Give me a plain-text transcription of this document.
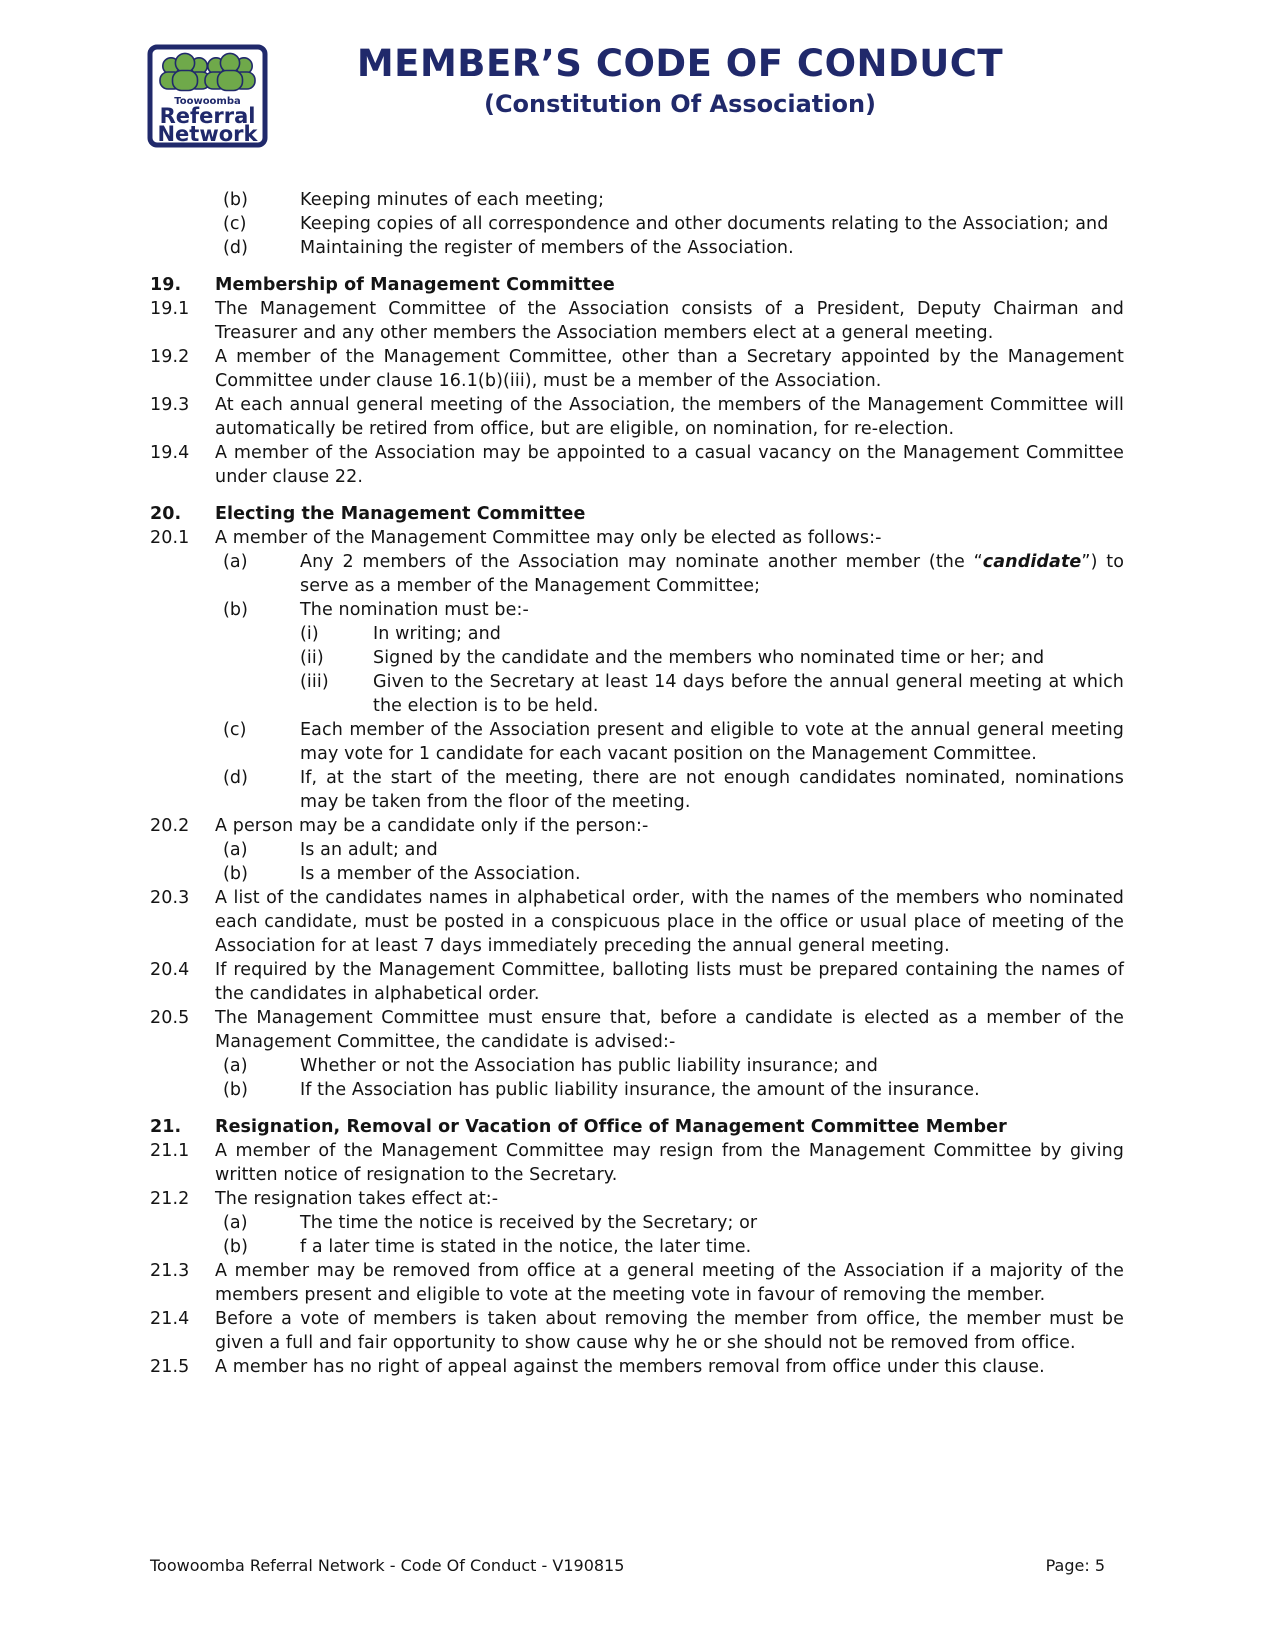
Toowoomba
Referral
Network
MEMBER’S CODE OF CONDUCT
(Constitution Of Association)
(b)	Keeping minutes of each meeting;

(c)	Keeping copies of all correspondence and other documents relating to the Association; and

(d)	Maintaining the register of members of the Association.

19.	Membership of Management Committee

19.1	The Management Committee of the Association consists of a President, Deputy Chairman and Treasurer and any other members the Association members elect at a general meeting.

19.2	A member of the Management Committee, other than a Secretary appointed by the Management Committee under clause 16.1(b)(iii), must be a member of the Association.

19.3	At each annual general meeting of the Association, the members of the Management Committee will automatically be retired from office, but are eligible, on nomination, for re-election.

19.4	A member of the Association may be appointed to a casual vacancy on the Management Committee under clause 22.

20.	Electing the Management Committee

20.1	A member of the Management Committee may only be elected as follows:-

(a)	Any 2 members of the Association may nominate another member (the “candidate”) to serve as a member of the Management Committee;

(b)	The nomination must be:-

(i)	In writing; and

(ii)	Signed by the candidate and the members who nominated time or her; and

(iii)	Given to the Secretary at least 14 days before the annual general meeting at which the election is to be held.

(c)	Each member of the Association present and eligible to vote at the annual general meeting may vote for 1 candidate for each vacant position on the Management Committee.

(d)	If, at the start of the meeting, there are not enough candidates nominated, nominations may be taken from the floor of the meeting.

20.2	A person may be a candidate only if the person:-

(a)	Is an adult; and

(b)	Is a member of the Association.

20.3	A list of the candidates names in alphabetical order, with the names of the members who nominated each candidate, must be posted in a conspicuous place in the office or usual place of meeting of the Association for at least 7 days immediately preceding the annual general meeting.

20.4	If required by the Management Committee, balloting lists must be prepared containing the names of the candidates in alphabetical order.

20.5	The Management Committee must ensure that, before a candidate is elected as a member of the Management Committee, the candidate is advised:-

(a)	Whether or not the Association has public liability insurance; and

(b)	If the Association has public liability insurance, the amount of the insurance.

21.	Resignation, Removal or Vacation of Office of Management Committee Member

21.1	A member of the Management Committee may resign from the Management Committee by giving written notice of resignation to the Secretary.

21.2	The resignation takes effect at:-

(a)	The time the notice is received by the Secretary; or

(b)	f a later time is stated in the notice, the later time.

21.3	A member may be removed from office at a general meeting of the Association if a majority of the members present and eligible to vote at the meeting vote in favour of removing the member.

21.4	Before a vote of members is taken about removing the member from office, the member must be given a full and fair opportunity to show cause why he or she should not be removed from office.

21.5	A member has no right of appeal against the members removal from office under this clause.

Toowoomba Referral Network - Code Of Conduct - V190815	Page: 5
